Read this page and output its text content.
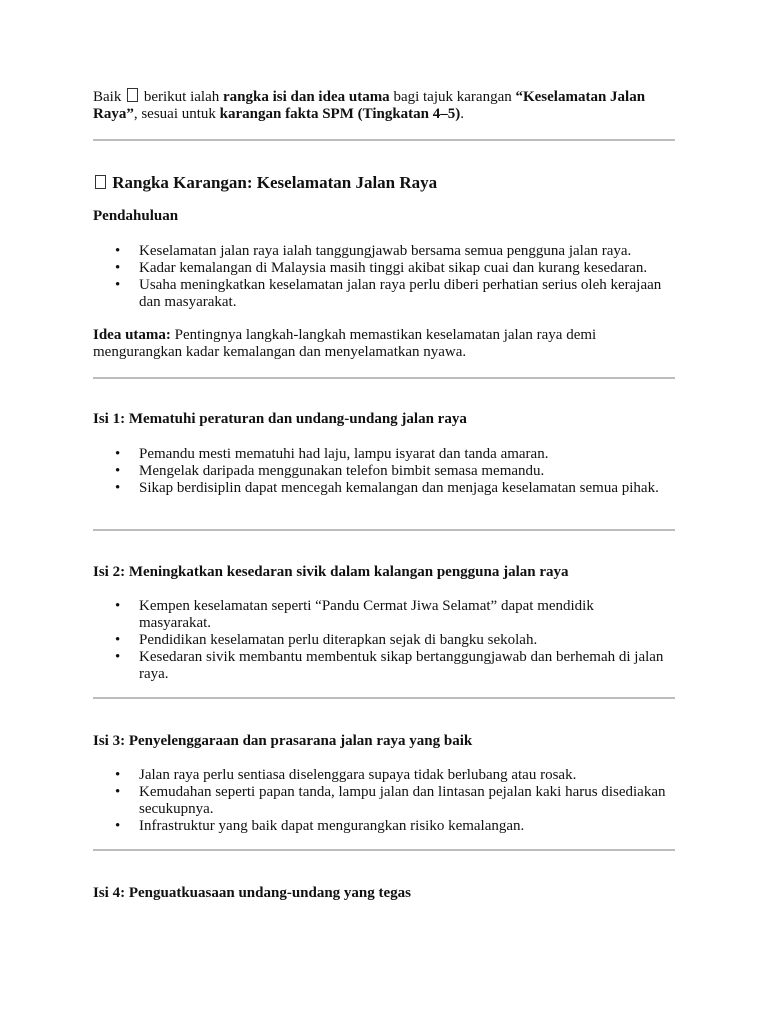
Baik  berikut ialah rangka isi dan idea utama bagi tajuk karangan “Keselamatan Jalan Raya”, sesuai untuk karangan fakta SPM (Tingkatan 4–5).

Rangka Karangan: Keselamatan Jalan Raya
Pendahuluan
• Keselamatan jalan raya ialah tanggungjawab bersama semua pengguna jalan raya.
• Kadar kemalangan di Malaysia masih tinggi akibat sikap cuai dan kurang kesedaran.
• Usaha meningkatkan keselamatan jalan raya perlu diberi perhatian serius oleh kerajaan dan masyarakat.

Idea utama: Pentingnya langkah-langkah memastikan keselamatan jalan raya demi mengurangkan kadar kemalangan dan menyelamatkan nyawa.

Isi 1: Mematuhi peraturan dan undang-undang jalan raya
• Pemandu mesti mematuhi had laju, lampu isyarat dan tanda amaran.
• Mengelak daripada menggunakan telefon bimbit semasa memandu.
• Sikap berdisiplin dapat mencegah kemalangan dan menjaga keselamatan semua pihak.
Isi 2: Meningkatkan kesedaran sivik dalam kalangan pengguna jalan raya
• Kempen keselamatan seperti “Pandu Cermat Jiwa Selamat” dapat mendidik masyarakat.
• Pendidikan keselamatan perlu diterapkan sejak di bangku sekolah.
• Kesedaran sivik membantu membentuk sikap bertanggungjawab dan berhemah di jalan raya.
Isi 3: Penyelenggaraan dan prasarana jalan raya yang baik
• Jalan raya perlu sentiasa diselenggara supaya tidak berlubang atau rosak.
• Kemudahan seperti papan tanda, lampu jalan dan lintasan pejalan kaki harus disediakan secukupnya.
• Infrastruktur yang baik dapat mengurangkan risiko kemalangan.
Isi 4: Penguatkuasaan undang-undang yang tegas
